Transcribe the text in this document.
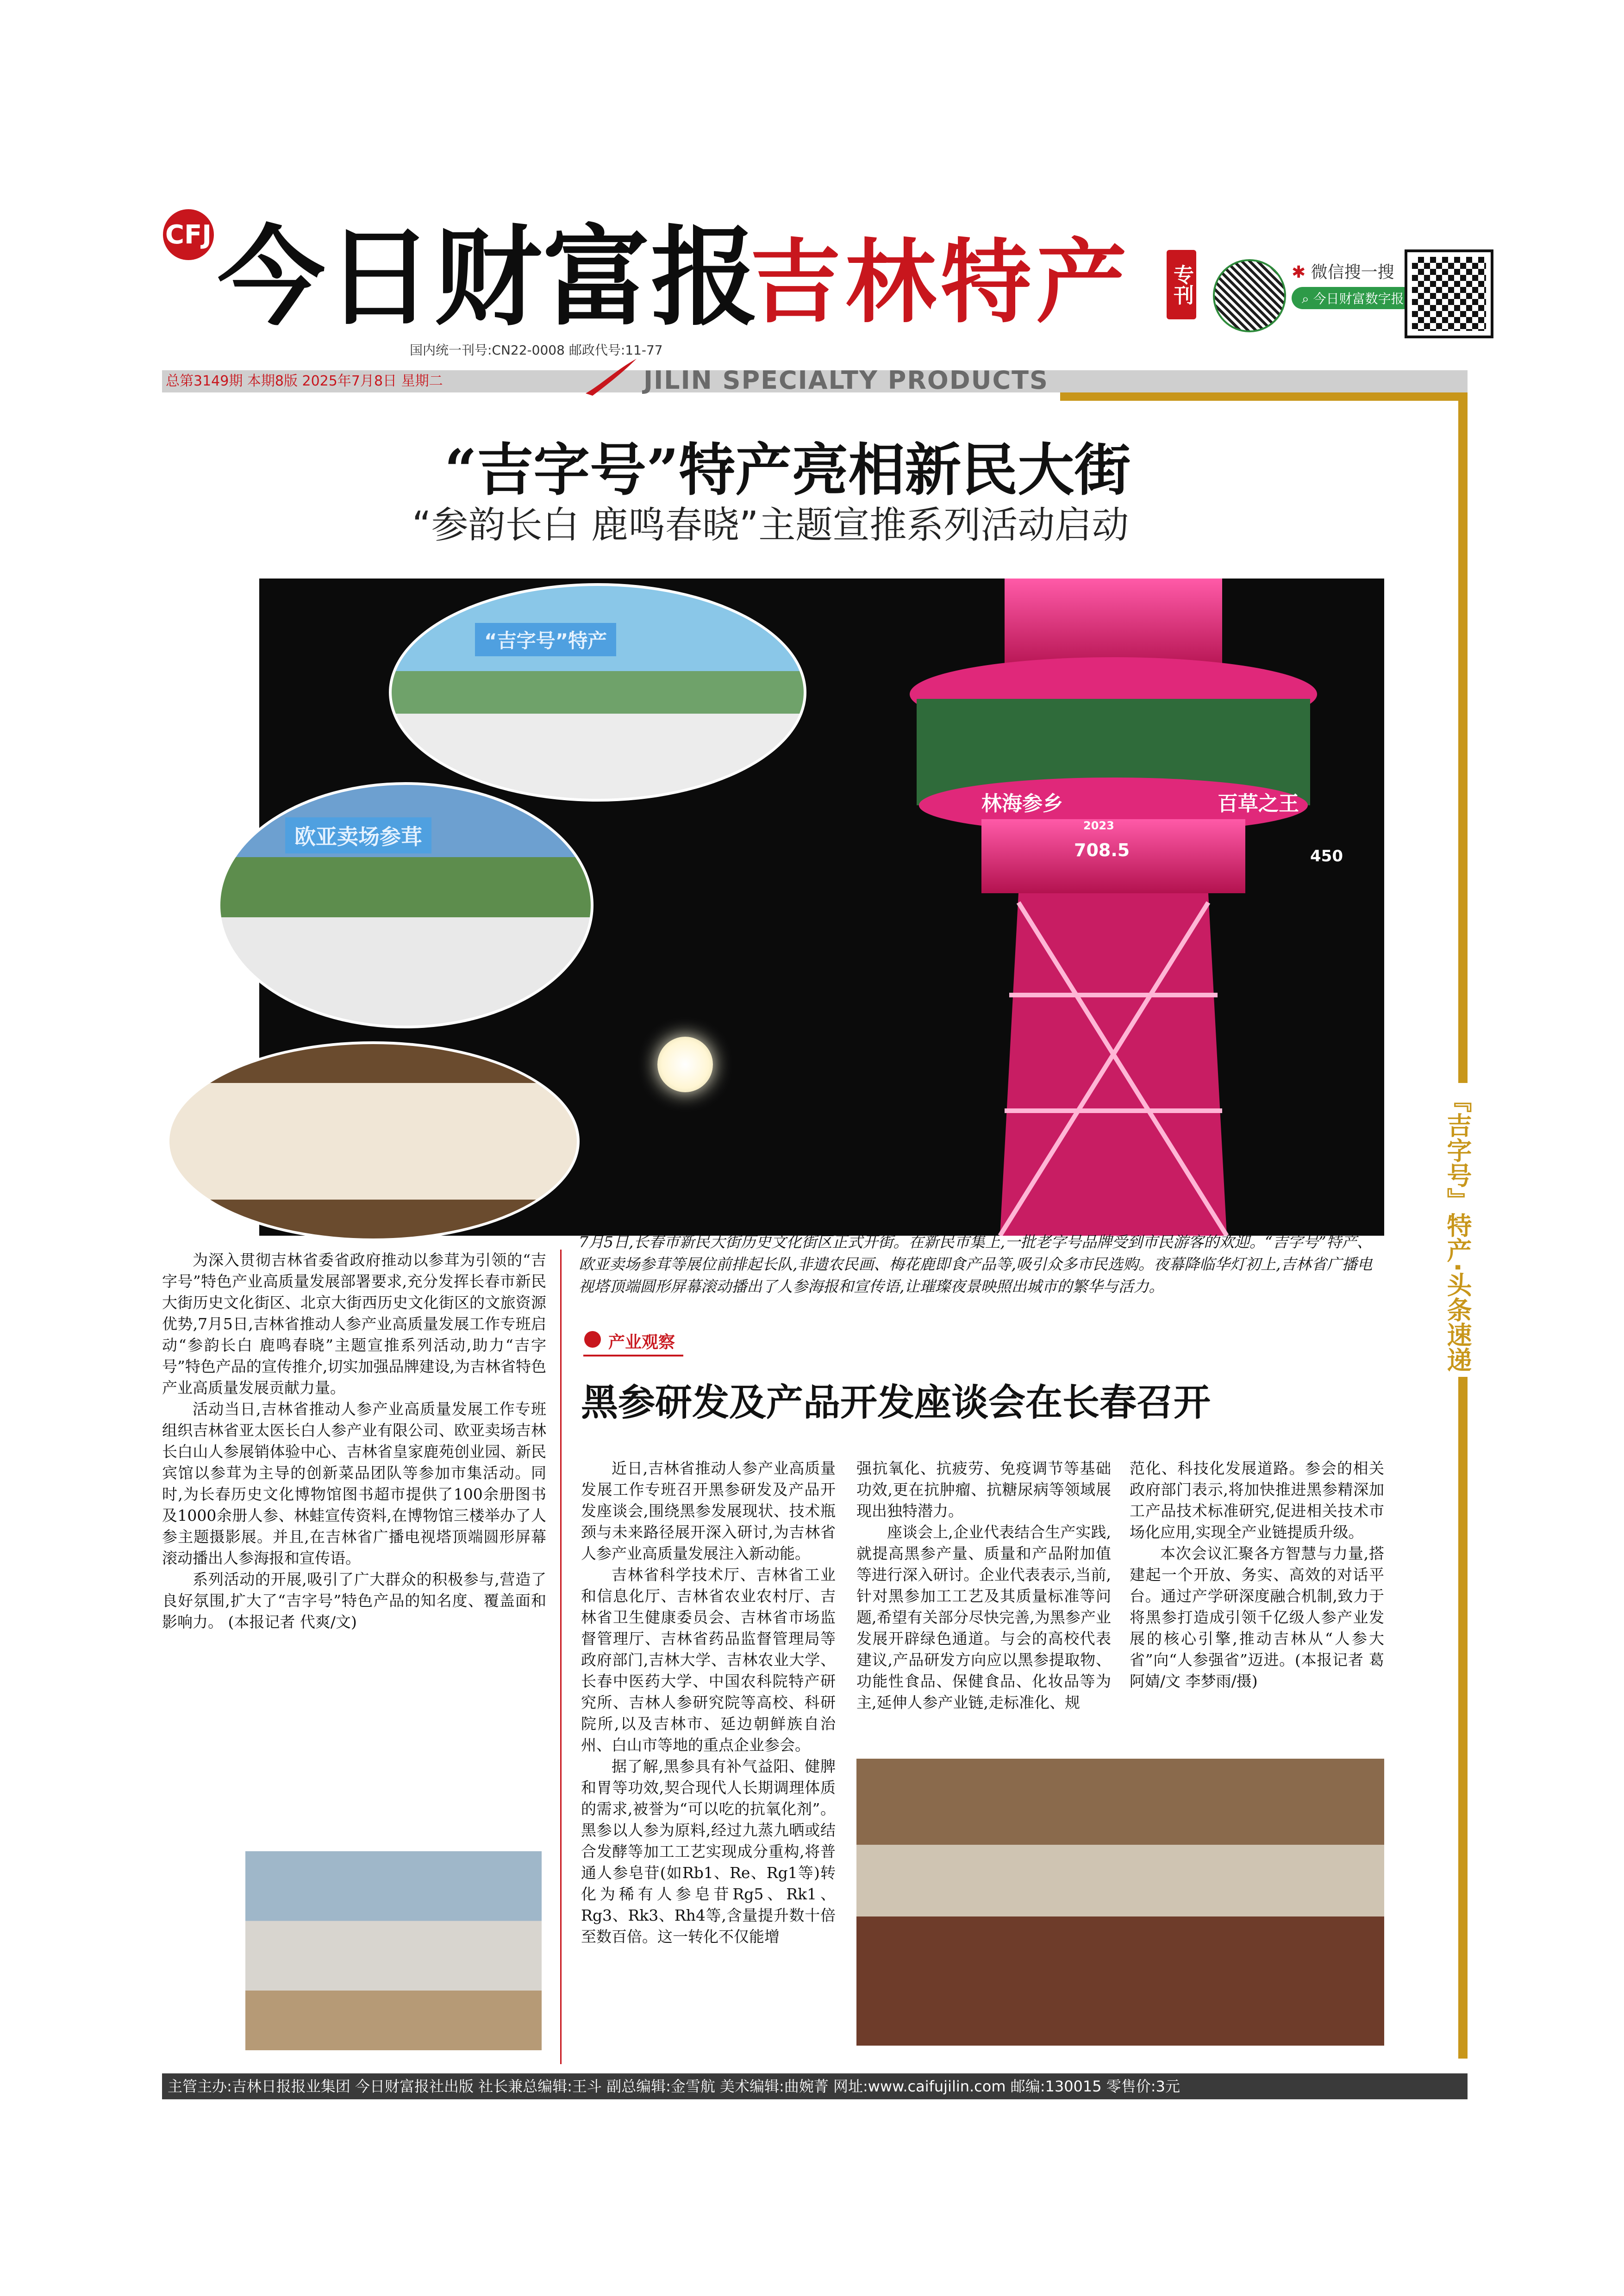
CFJ 今日财富报
吉林特产 专刊	✱ 微信搜一搜
⌕ 今日财富数字报
国内统一刊号:CN22-0008 邮政代号:11-77
总第3149期 本期8版 2025年7月8日 星期二	JILIN SPECIALTY PRODUCTS
“吉字号”特产亮相新民大街
“参韵长白 鹿鸣春晓”主题宣推系列活动启动
林海参乡	百草之王
2023
708.5	450
“吉字号”特产
欧亚卖场参茸
7月5日,长春市新民大街历史文化街区正式开街。在新民市集上,一批老字号品牌受到市民游客的欢迎。“吉字号”特产、欧亚卖场参茸等展位前排起长队,非遗农民画、梅花鹿即食产品等,吸引众多市民选购。夜幕降临华灯初上,吉林省广播电视塔顶端圆形屏幕滚动播出了人参海报和宣传语,让璀璨夜景映照出城市的繁华与活力。	『吉字号』特产·头条速递

为深入贯彻吉林省委省政府推动以参茸为引领的“吉字号”特色产业高质量发展部署要求,充分发挥长春市新民大街历史文化街区、北京大街西历史文化街区的文旅资源优势,7月5日,吉林省推动人参产业高质量发展工作专班启动“参韵长白 鹿鸣春晓”主题宣推系列活动,助力“吉字号”特色产品的宣传推介,切实加强品牌建设,为吉林省特色产业高质量发展贡献力量。

活动当日,吉林省推动人参产业高质量发展工作专班组织吉林省亚太医长白人参产业有限公司、欧亚卖场吉林长白山人参展销体验中心、吉林省皇家鹿苑创业园、新民宾馆以参茸为主导的创新菜品团队等参加市集活动。同时,为长春历史文化博物馆图书超市提供了100余册图书及1000余册人参、林蛙宣传资料,在博物馆三楼举办了人参主题摄影展。并且,在吉林省广播电视塔顶端圆形屏幕滚动播出人参海报和宣传语。

系列活动的开展,吸引了广大群众的积极参与,营造了良好氛围,扩大了“吉字号”特色产品的知名度、覆盖面和影响力。 (本报记者 代爽/文)

产业观察
黑参研发及产品开发座谈会在长春召开

近日,吉林省推动人参产业高质量发展工作专班召开黑参研发及产品开发座谈会,围绕黑参发展现状、技术瓶颈与未来路径展开深入研讨,为吉林省人参产业高质量发展注入新动能。

吉林省科学技术厅、吉林省工业和信息化厅、吉林省农业农村厅、吉林省卫生健康委员会、吉林省市场监督管理厅、吉林省药品监督管理局等政府部门,吉林大学、吉林农业大学、长春中医药大学、中国农科院特产研究所、吉林人参研究院等高校、科研院所,以及吉林市、延边朝鲜族自治州、白山市等地的重点企业参会。

据了解,黑参具有补气益阳、健脾和胃等功效,契合现代人长期调理体质的需求,被誉为“可以吃的抗氧化剂”。黑参以人参为原料,经过九蒸九晒或结合发酵等加工工艺实现成分重构,将普通人参皂苷(如Rb1、Re、Rg1等)转化为稀有人参皂苷Rg5、Rk1、Rg3、Rk3、Rh4等,含量提升数十倍至数百倍。这一转化不仅能增

强抗氧化、抗疲劳、免疫调节等基础功效,更在抗肿瘤、抗糖尿病等领域展现出独特潜力。

座谈会上,企业代表结合生产实践,就提高黑参产量、质量和产品附加值等进行深入研讨。企业代表表示,当前,针对黑参加工工艺及其质量标准等问题,希望有关部分尽快完善,为黑参产业发展开辟绿色通道。与会的高校代表建议,产品研发方向应以黑参提取物、功能性食品、保健食品、化妆品等为主,延伸人参产业链,走标准化、规

范化、科技化发展道路。参会的相关政府部门表示,将加快推进黑参精深加工产品技术标准研究,促进相关技术市场化应用,实现全产业链提质升级。

本次会议汇聚各方智慧与力量,搭建起一个开放、务实、高效的对话平台。通过产学研深度融合机制,致力于将黑参打造成引领千亿级人参产业发展的核心引擎,推动吉林从“人参大省”向“人参强省”迈进。(本报记者 葛阿婧/文 李梦雨/摄)

主管主办:吉林日报报业集团 今日财富报社出版 社长兼总编辑:王斗 副总编辑:金雪航 美术编辑:曲婉菁 网址:www.caifujilin.com 邮编:130015 零售价:3元
